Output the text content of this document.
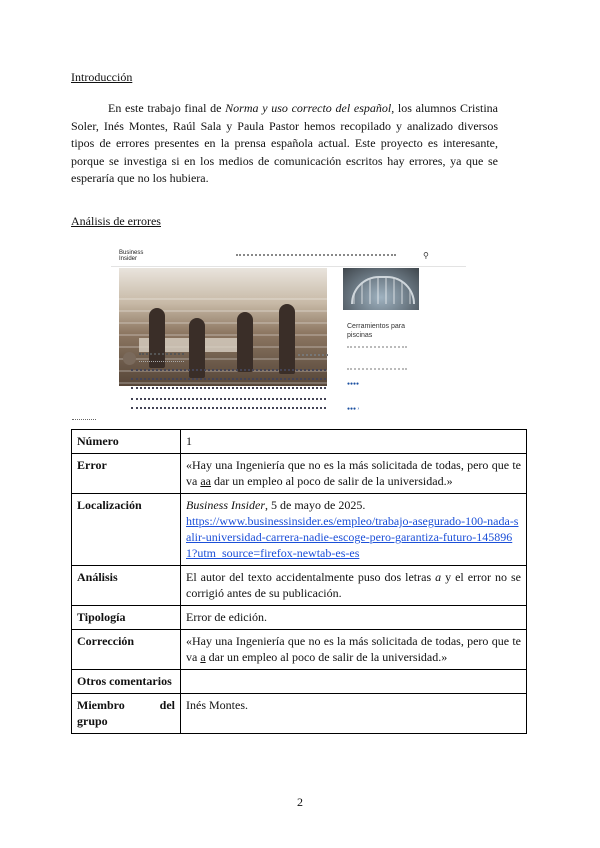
Introducción

En este trabajo final de Norma y uso correcto del español, los alumnos Cristina Soler, Inés Montes, Raúl Sala y Paula Pastor hemos recopilado y analizado diversos tipos de errores presentes en la prensa española actual. Este proyecto es interesante, porque se investiga si en los medios de comunicación escritos hay errores, ya que se esperaría que no los hubiera.

Análisis de errores
Business
Insider	⚲
Cerramientos para piscinas
●●●●
●●● ›
Número	1
Error	«Hay una Ingeniería que no es la más solicitada de todas, pero que te va aa dar un empleo al poco de salir de la universidad.»
Localización	Business Insider, 5 de mayo de 2025.
https://www.businessinsider.es/empleo/trabajo-asegurado-100-nada-salir-universidad-carrera-nadie-escoge-pero-garantiza-futuro-1458961?utm_source=firefox-newtab-es-es
Análisis	El autor del texto accidentalmente puso dos letras a y el error no se corrigió antes de su publicación.
Tipología	Error de edición.
Corrección	«Hay una Ingeniería que no es la más solicitada de todas, pero que te va a dar un empleo al poco de salir de la universidad.»
Otros comentarios	
Miembro del grupo	Inés Montes.
2
